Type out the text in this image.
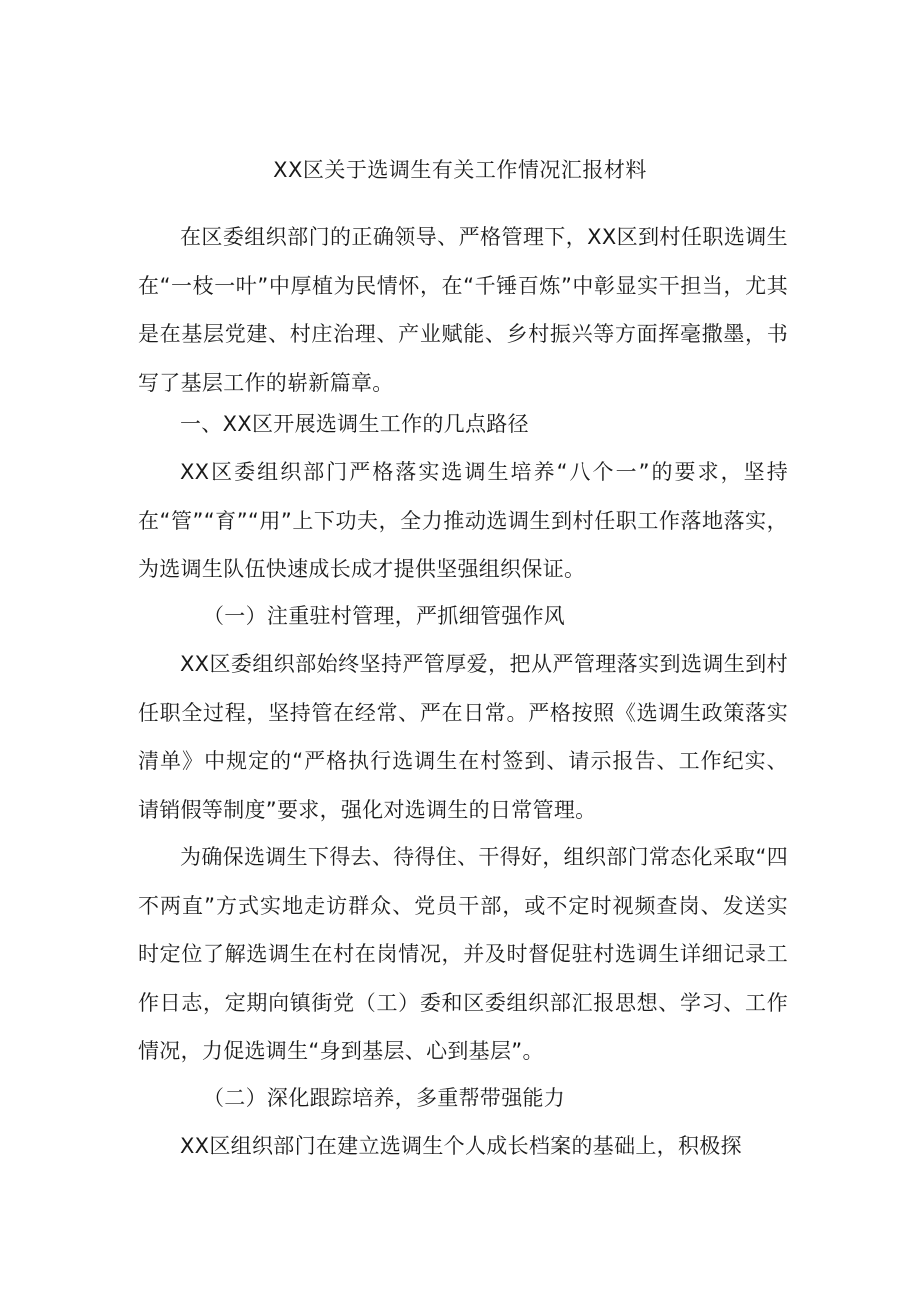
XX区关于选调生有关工作情况汇报材料

在区委组织部门的正确领导、严格管理下，XX区到村任职选调生在“一枝一叶”中厚植为民情怀，在“千锤百炼”中彰显实干担当，尤其是在基层党建、村庄治理、产业赋能、乡村振兴等方面挥毫撒墨，书写了基层工作的崭新篇章。

一、XX区开展选调生工作的几点路径

XX区委组织部门严格落实选调生培养“八个一”的要求，坚持在“管”“育”“用”上下功夫，全力推动选调生到村任职工作落地落实，为选调生队伍快速成长成才提供坚强组织保证。

（一）注重驻村管理，严抓细管强作风

XX区委组织部始终坚持严管厚爱，把从严管理落实到选调生到村任职全过程，坚持管在经常、严在日常。严格按照《选调生政策落实清单》中规定的“严格执行选调生在村签到、请示报告、工作纪实、请销假等制度”要求，强化对选调生的日常管理。

为确保选调生下得去、待得住、干得好，组织部门常态化采取“四不两直”方式实地走访群众、党员干部，或不定时视频查岗、发送实时定位了解选调生在村在岗情况，并及时督促驻村选调生详细记录工作日志，定期向镇街党（工）委和区委组织部汇报思想、学习、工作情况，力促选调生“身到基层、心到基层”。

（二）深化跟踪培养，多重帮带强能力

XX区组织部门在建立选调生个人成长档案的基础上，积极探
